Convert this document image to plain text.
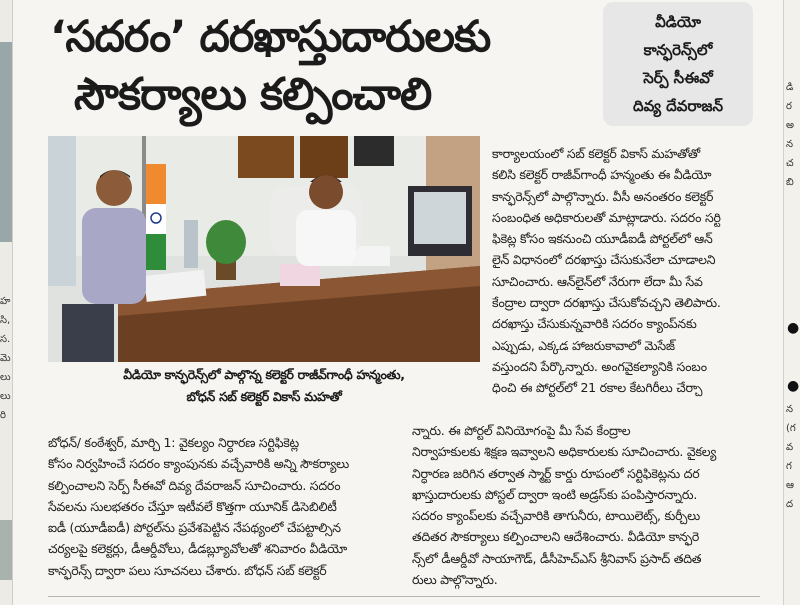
హ
సి,
స.
మె
లు
లు
రి
డి
ర
అ
న
చ
బి
●
●
న
(గ
వ
గ
ఆ
ద
‘సదరం’ దరఖాస్తుదారులకు
సౌకర్యాలు కల్పించాలి
వీడియో
కాన్ఫరెన్స్‌లో
సెర్ప్ సీఈవో
దివ్య దేవరాజన్
వీడియో కాన్ఫరెన్స్‌లో పాల్గొన్న కలెక్టర్ రాజీవ్‌గాంధీ హన్మంతు,
బోధన్ సబ్ కలెక్టర్ వికాస్ మహతో
కార్యాలయంలో సబ్ కలెక్టర్ వికాస్ మహతోతో
కలిసి కలెక్టర్ రాజీవ్‌గాంధీ హన్మంతు ఈ వీడియో
కాన్ఫరెన్స్‌లో పాల్గొన్నారు. వీసీ అనంతరం కలెక్టర్
సంబంధిత అధికారులతో మాట్లాడారు. సదరం సర్టి
ఫికెట్ల కోసం ఇకనుంచి యూడీఐడీ పోర్టల్‌లో ఆన్
లైన్ విధానంలో దరఖాస్తు చేసుకునేలా చూడాలని
సూచించారు. ఆన్‌లైన్‌లో నేరుగా లేదా మీ సేవ
కేంద్రాల ద్వారా దరఖాస్తు చేసుకోవచ్చని తెలిపారు.
దరఖాస్తు చేసుకున్నవారికి సదరం క్యాంప్‌నకు
ఎప్పుడు, ఎక్కడ హాజరుకావాలో మెసేజ్
వస్తుందని పేర్కొన్నారు. అంగవైకల్యానికి సంబం
ధించి ఈ పోర్టల్‌లో 21 రకాల కేటగిరీలు చేర్చా
బోధన్/ కంఠేశ్వర్, మార్చి 1: వైకల్యం నిర్ధారణ సర్టిఫికెట్ల
కోసం నిర్వహించే సదరం క్యాంపునకు వచ్చేవారికి అన్ని సౌకర్యాలు
కల్పించాలని సెర్ప్ సీఈవో దివ్య దేవరాజన్ సూచించారు. సదరం
సేవలను సులభతరం చేస్తూ ఇటీవలే కొత్తగా యూనిక్ డిసెబిలిటీ
ఐడీ (యూడీఐడీ) పోర్టల్‌ను ప్రవేశపెట్టిన నేపథ్యంలో చేపట్టాల్సిన
చర్యలపై కలెక్టర్లు, డీఆర్డీవోలు, డీడబ్ల్యూవోలతో శనివారం వీడియో
కాన్ఫరెన్స్ ద్వారా పలు సూచనలు చేశారు. బోధన్ సబ్ కలెక్టర్
న్నారు. ఈ పోర్టల్ వినియోగంపై మీ సేవ కేంద్రాల
నిర్వాహకులకు శిక్షణ ఇవ్వాలని అధికారులకు సూచించారు. వైకల్య
నిర్ధారణ జరిగిన తర్వాత స్మార్ట్ కార్డు రూపంలో సర్టిఫికెట్లను దర
ఖాస్తుదారులకు పోస్టల్ ద్వారా ఇంటి అడ్రస్‌కు పంపిస్తారన్నారు.
సదరం క్యాంప్‌లకు వచ్చేవారికి తాగునీరు, టాయిలెట్స్, కుర్చీలు
తదితర సౌకర్యాలు కల్పించాలని ఆదేశించారు. వీడియో కాన్ఫరె
న్స్‌లో డీఆర్డీవో సాయాగౌడ్, డీసీహెచ్‌ఎస్ శ్రీనివాస్ ప్రసాద్ తదిత
రులు పాల్గొన్నారు.
